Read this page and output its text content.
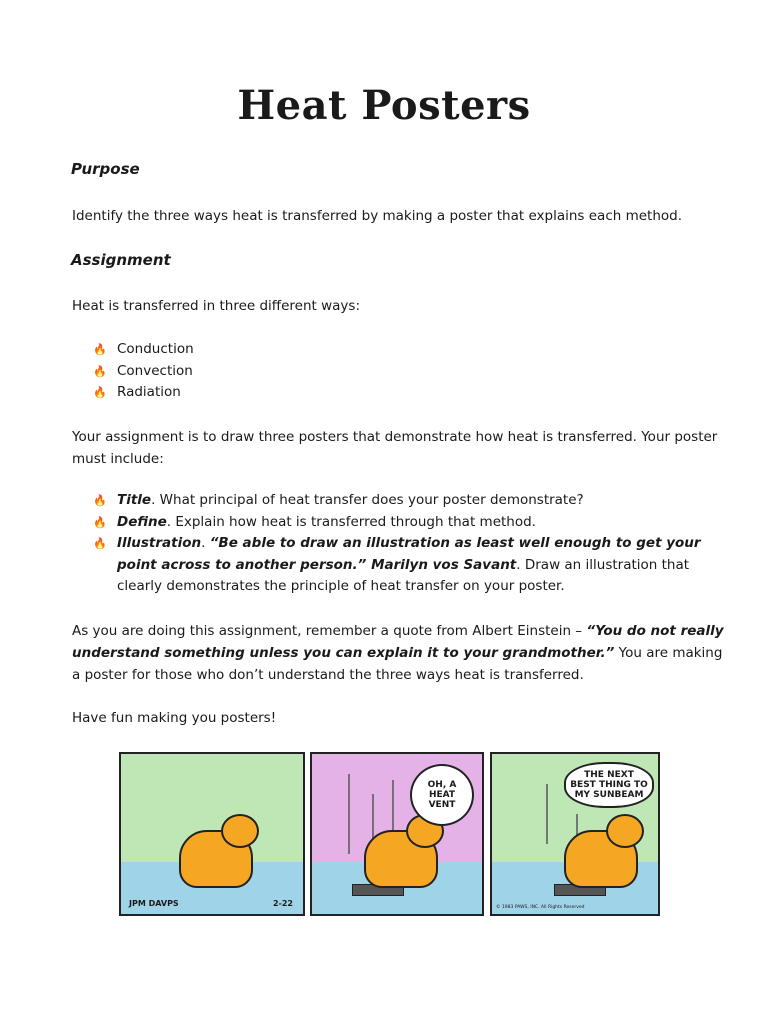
Heat Posters
Purpose

Identify the three ways heat is transferred by making a poster that explains each method.

Assignment

Heat is transferred in three different ways:

🔥 Conduction
🔥 Convection
🔥 Radiation

Your assignment is to draw three posters that demonstrate how heat is transferred. Your poster must include:

🔥 Title. What principal of heat transfer does your poster demonstrate?
🔥 Define. Explain how heat is transferred through that method.
🔥 Illustration. “Be able to draw an illustration as least well enough to get your point across to another person.” Marilyn vos Savant. Draw an illustration that clearly demonstrates the principle of heat transfer on your poster.

As you are doing this assignment, remember a quote from Albert Einstein – “You do not really understand something unless you can explain it to your grandmother.” You are making a poster for those who don’t understand the three ways heat is transferred.

Have fun making you posters!

JPM DAVPS	2-22
OH, A HEAT VENT
THE NEXT BEST THING TO MY SUNBEAM
© 1983 PAWS, INC. All Rights Reserved
